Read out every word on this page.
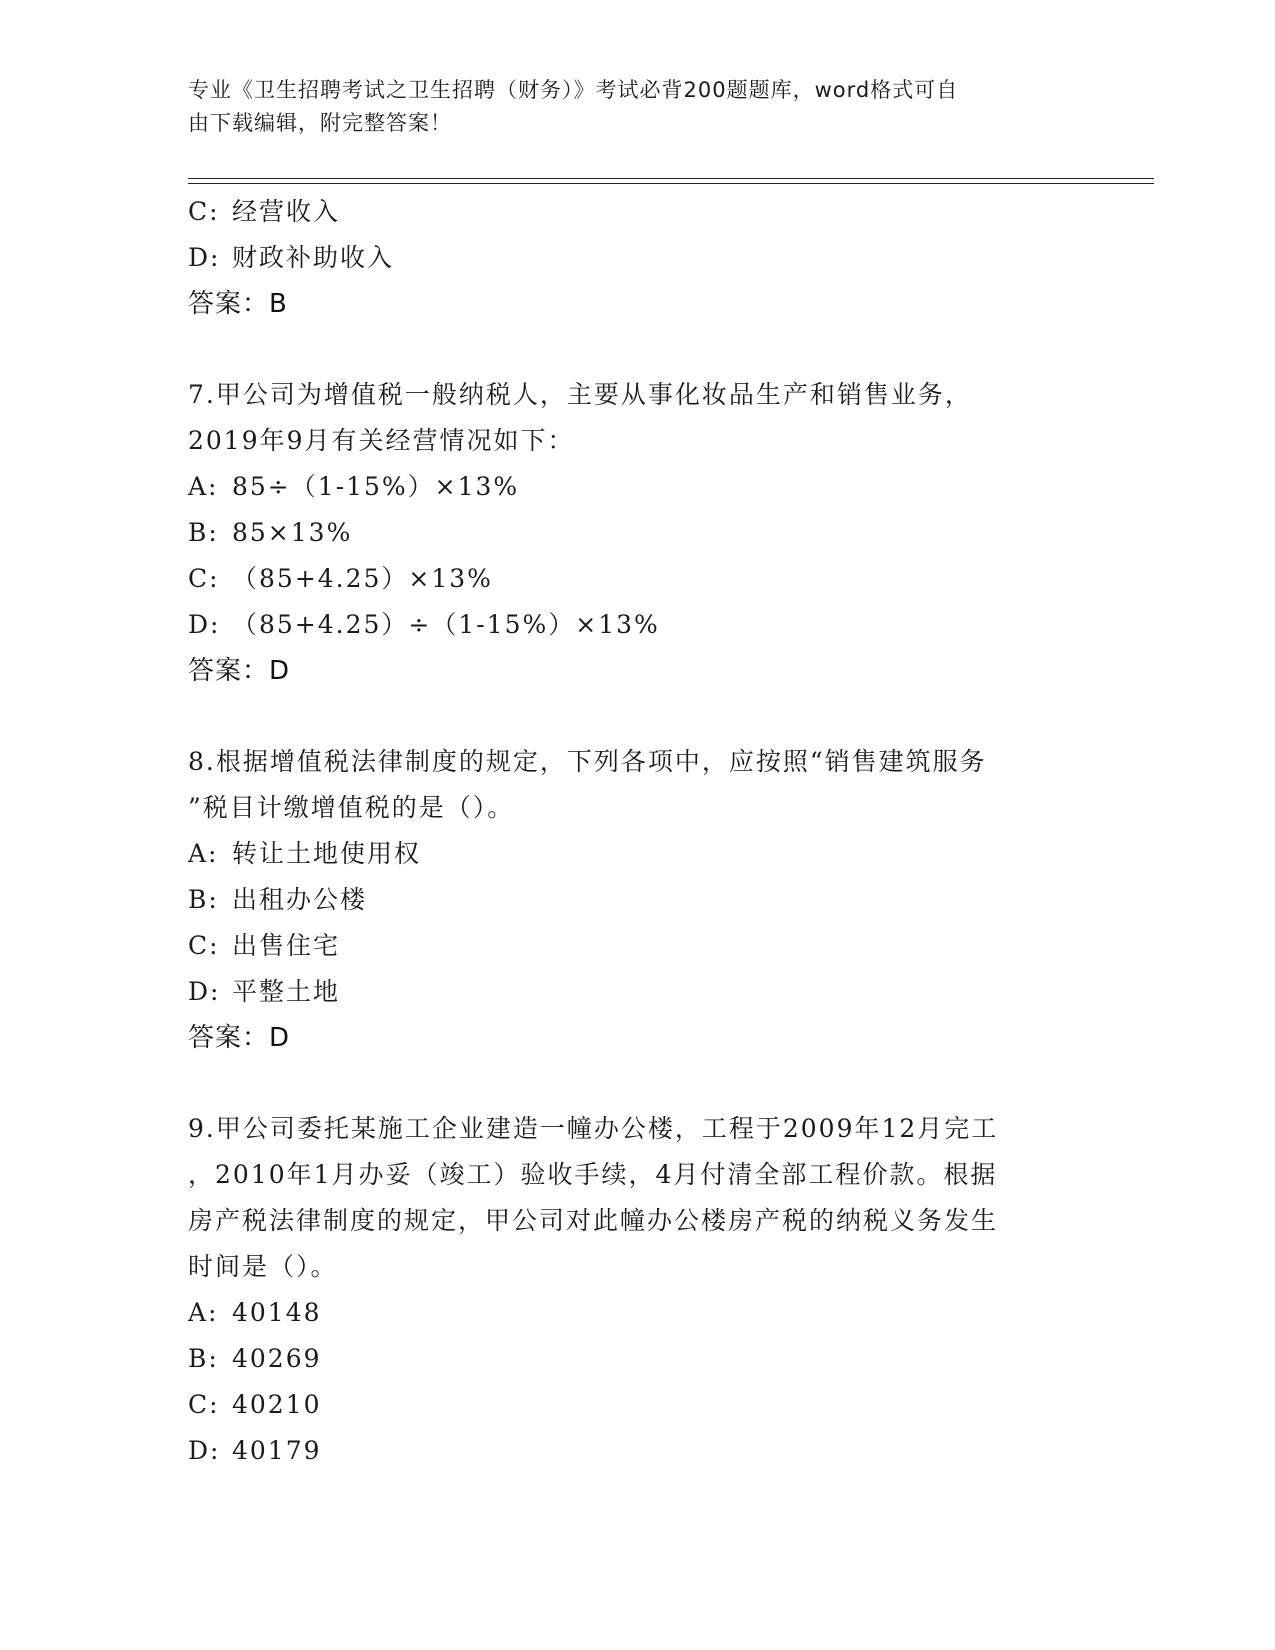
专业《卫生招聘考试之卫生招聘（财务）》考试必背200题题库，word格式可自
由下载编辑，附完整答案！
C: 经营收入
D: 财政补助收入
答案：B
7.甲公司为增值税一般纳税人，主要从事化妆品生产和销售业务，
2019年9月有关经营情况如下：
A: 85÷（1-15%）×13%
B: 85×13%
C: （85+4.25）×13%
D: （85+4.25）÷（1-15%）×13%
答案：D
8.根据增值税法律制度的规定，下列各项中，应按照“销售建筑服务
”税目计缴增值税的是（）。
A: 转让土地使用权
B: 出租办公楼
C: 出售住宅
D: 平整土地
答案：D
9.甲公司委托某施工企业建造一幢办公楼，工程于2009年12月完工
，2010年1月办妥（竣工）验收手续，4月付清全部工程价款。根据
房产税法律制度的规定，甲公司对此幢办公楼房产税的纳税义务发生
时间是（）。
A: 40148
B: 40269
C: 40210
D: 40179
